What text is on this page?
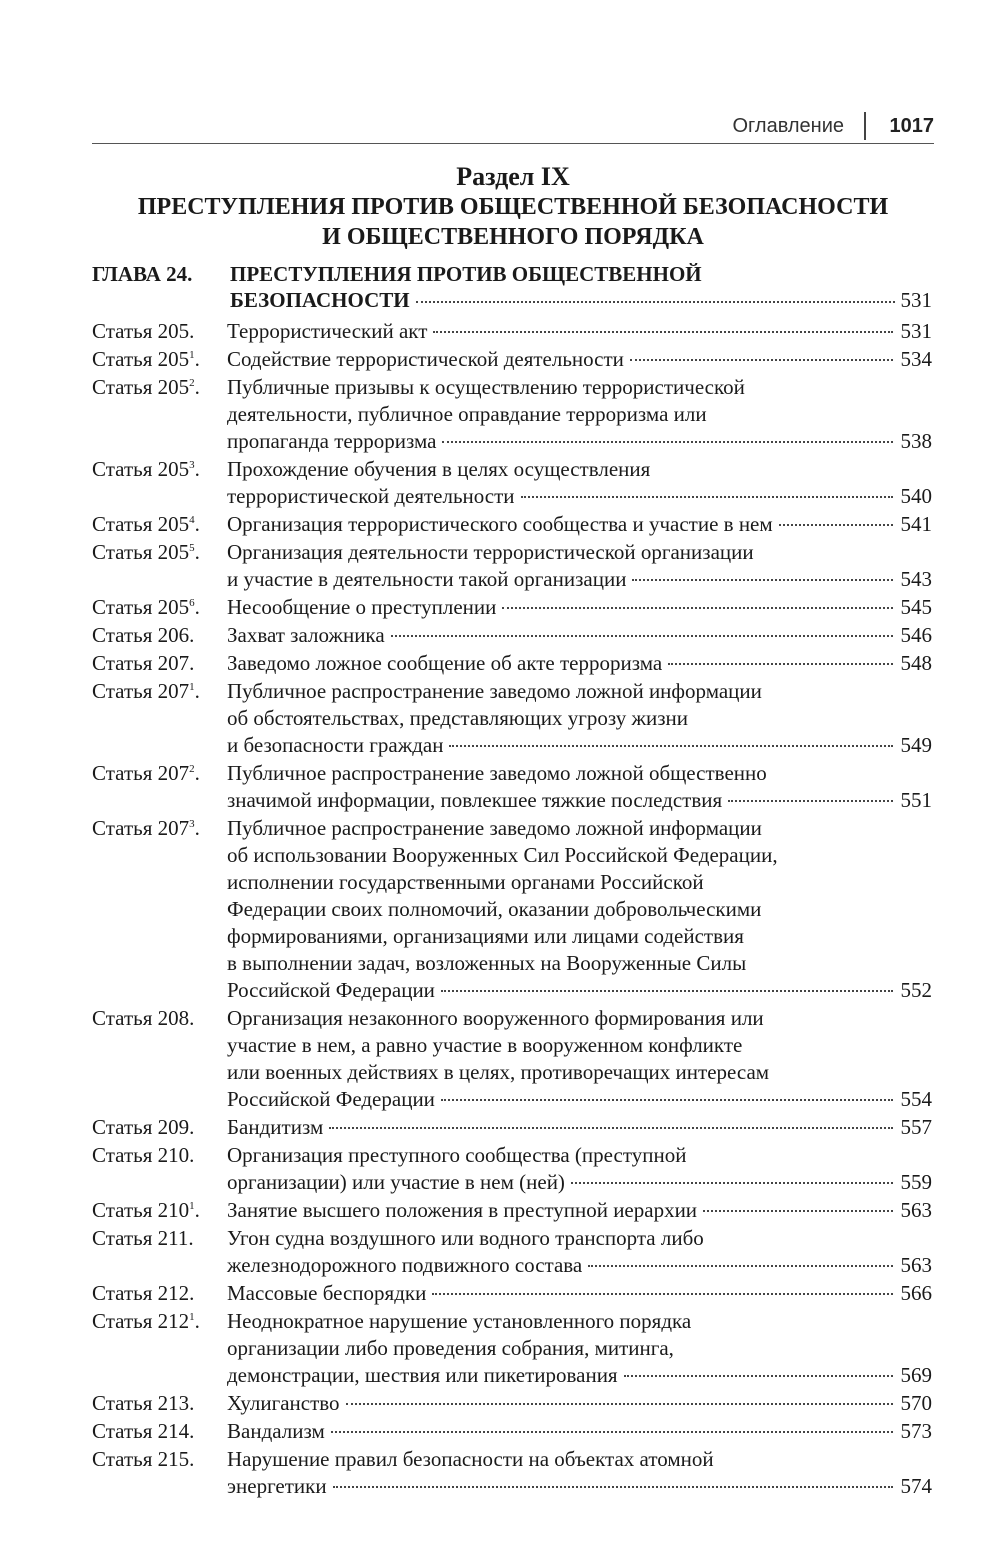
Оглавление 1017
Раздел IX
ПРЕСТУПЛЕНИЯ ПРОТИВ ОБЩЕСТВЕННОЙ БЕЗОПАСНОСТИ
И ОБЩЕСТВЕННОГО ПОРЯДКА
ГЛАВА 24. ПРЕСТУПЛЕНИЯ ПРОТИВ ОБЩЕСТВЕННОЙ
БЕЗОПАСНОСТИ	531
Статья 205.	Террористический акт	531
Статья $205^1$.	Содействие террористической деятельности	534
Статья $205^2$.	Публичные призывы к осуществлению террористической
деятельности, публичное оправдание терроризма или
пропаганда терроризма	538
Статья $205^3$.	Прохождение обучения в целях осуществления
террористической деятельности	540
Статья $205^4$.	Организация террористического сообщества и участие в нем	541
Статья $205^5$.	Организация деятельности террористической организации
и участие в деятельности такой организации	543
Статья $205^6$.	Несообщение о преступлении	545
Статья 206.	Захват заложника	546
Статья 207.	Заведомо ложное сообщение об акте терроризма	548
Статья $207^1$.	Публичное распространение заведомо ложной информации
об обстоятельствах, представляющих угрозу жизни
и безопасности граждан	549
Статья $207^2$.	Публичное распространение заведомо ложной общественно
значимой информации, повлекшее тяжкие последствия	551
Статья $207^3$.	Публичное распространение заведомо ложной информации
об использовании Вооруженных Сил Российской Федерации,
исполнении государственными органами Российской
Федерации своих полномочий, оказании добровольческими
формированиями, организациями или лицами содействия
в выполнении задач, возложенных на Вооруженные Силы
Российской Федерации	552
Статья 208.	Организация незаконного вооруженного формирования или
участие в нем, а равно участие в вооруженном конфликте
или военных действиях в целях, противоречащих интересам
Российской Федерации	554
Статья 209.	Бандитизм	557
Статья 210.	Организация преступного сообщества (преступной
организации) или участие в нем (ней)	559
Статья $210^1$.	Занятие высшего положения в преступной иерархии	563
Статья 211.	Угон судна воздушного или водного транспорта либо
железнодорожного подвижного состава	563
Статья 212.	Массовые беспорядки	566
Статья $212^1$.	Неоднократное нарушение установленного порядка
организации либо проведения собрания, митинга,
демонстрации, шествия или пикетирования	569
Статья 213.	Хулиганство	570
Статья 214.	Вандализм	573
Статья 215.	Нарушение правил безопасности на объектах атомной
энергетики	574
